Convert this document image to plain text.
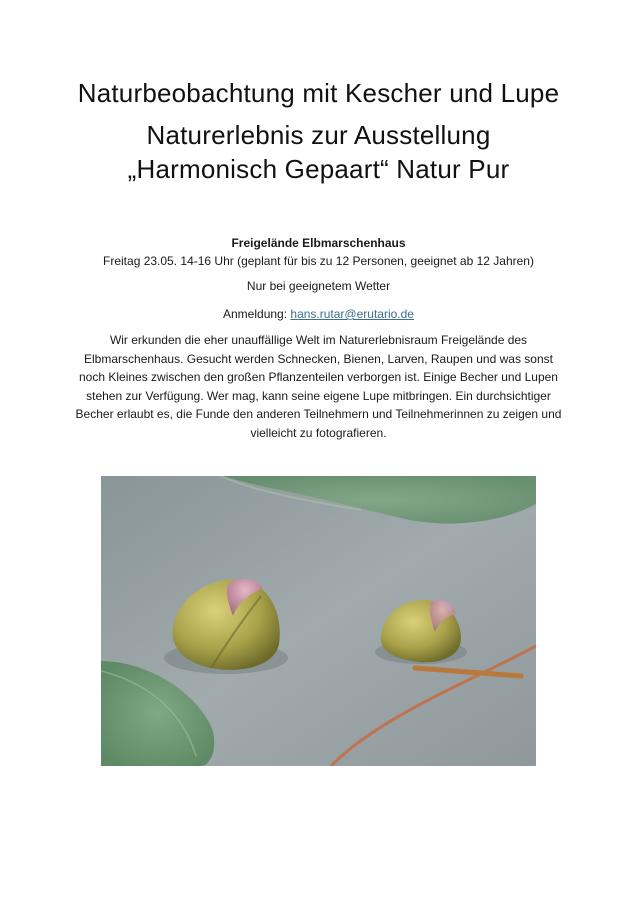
Naturbeobachtung mit Kescher und Lupe
Naturerlebnis zur Ausstellung
„Harmonisch Gepaart“ Natur Pur
Freigelände Elbmarschenhaus
Freitag 23.05. 14-16 Uhr (geplant für bis zu 12 Personen, geeignet ab 12 Jahren)
Nur bei geeignetem Wetter
Anmeldung: hans.rutar@erutario.de
Wir erkunden die eher unauffällige Welt im Naturerlebnisraum Freigelände des Elbmarschenhaus. Gesucht werden Schnecken, Bienen, Larven, Raupen und was sonst noch Kleines zwischen den großen Pflanzenteilen verborgen ist. Einige Becher und Lupen stehen zur Verfügung. Wer mag, kann seine eigene Lupe mitbringen. Ein durchsichtiger Becher erlaubt es, die Funde den anderen Teilnehmern und Teilnehmerinnen zu zeigen und vielleicht zu fotografieren.
